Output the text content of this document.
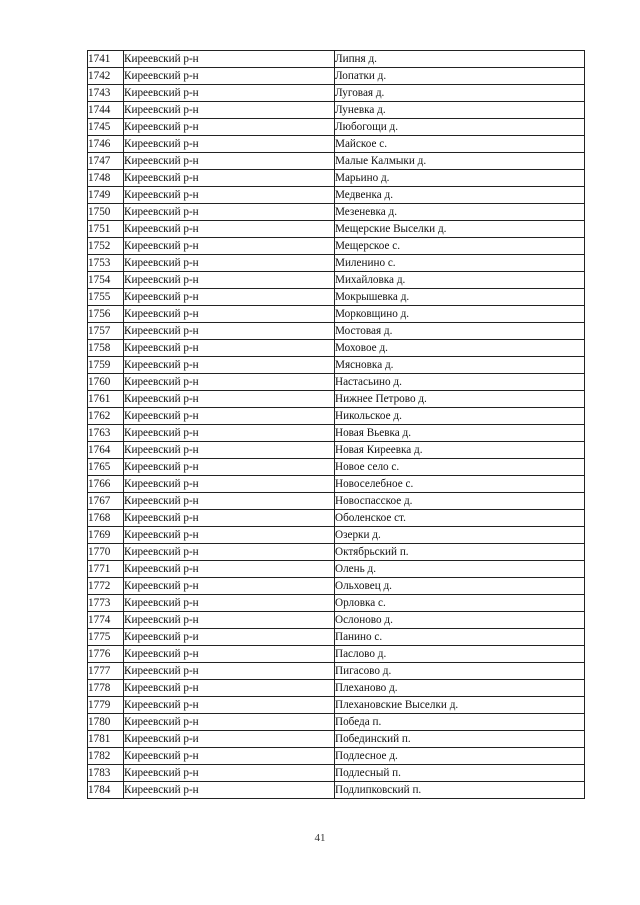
1741	Киреевский р-н	Липня д.
1742	Киреевский р-н	Лопатки д.
1743	Киреевский р-н	Луговая д.
1744	Киреевский р-н	Луневка д.
1745	Киреевский р-н	Любогощи д.
1746	Киреевский р-н	Майское с.
1747	Киреевский р-н	Малые Калмыки д.
1748	Киреевский р-н	Марьино д.
1749	Киреевский р-н	Медвенка д.
1750	Киреевский р-н	Мезеневка д.
1751	Киреевский р-н	Мещерские Выселки д.
1752	Киреевский р-н	Мещерское с.
1753	Киреевский р-н	Миленино с.
1754	Киреевский р-н	Михайловка д.
1755	Киреевский р-н	Мокрышевка д.
1756	Киреевский р-н	Морковщино д.
1757	Киреевский р-н	Мостовая д.
1758	Киреевский р-н	Моховое д.
1759	Киреевский р-н	Мясновка д.
1760	Киреевский р-н	Настасьино д.
1761	Киреевский р-н	Нижнее Петрово д.
1762	Киреевский р-н	Никольское д.
1763	Киреевский р-н	Новая Вьевка д.
1764	Киреевский р-н	Новая Киреевка д.
1765	Киреевский р-н	Новое село с.
1766	Киреевский р-н	Новоселебное с.
1767	Киреевский р-н	Новоспасское д.
1768	Киреевский р-н	Оболенское ст.
1769	Киреевский р-н	Озерки д.
1770	Киреевский р-н	Октябрьский п.
1771	Киреевский р-н	Олень д.
1772	Киреевский р-н	Ольховец д.
1773	Киреевский р-н	Орловка с.
1774	Киреевский р-н	Ослоново д.
1775	Киреевский р-и	Панино с.
1776	Киреевский р-н	Паслово д.
1777	Киреевский р-н	Пигасово д.
1778	Киреевский р-н	Плеханово д.
1779	Киреевский р-н	Плехановские Выселки д.
1780	Киреевский р-н	Победа п.
1781	Киреевский р-и	Побединский п.
1782	Киреевский р-н	Подлесное д.
1783	Киреевский р-н	Подлесный п.
1784	Киреевский р-н	Подлипковский п.
41
